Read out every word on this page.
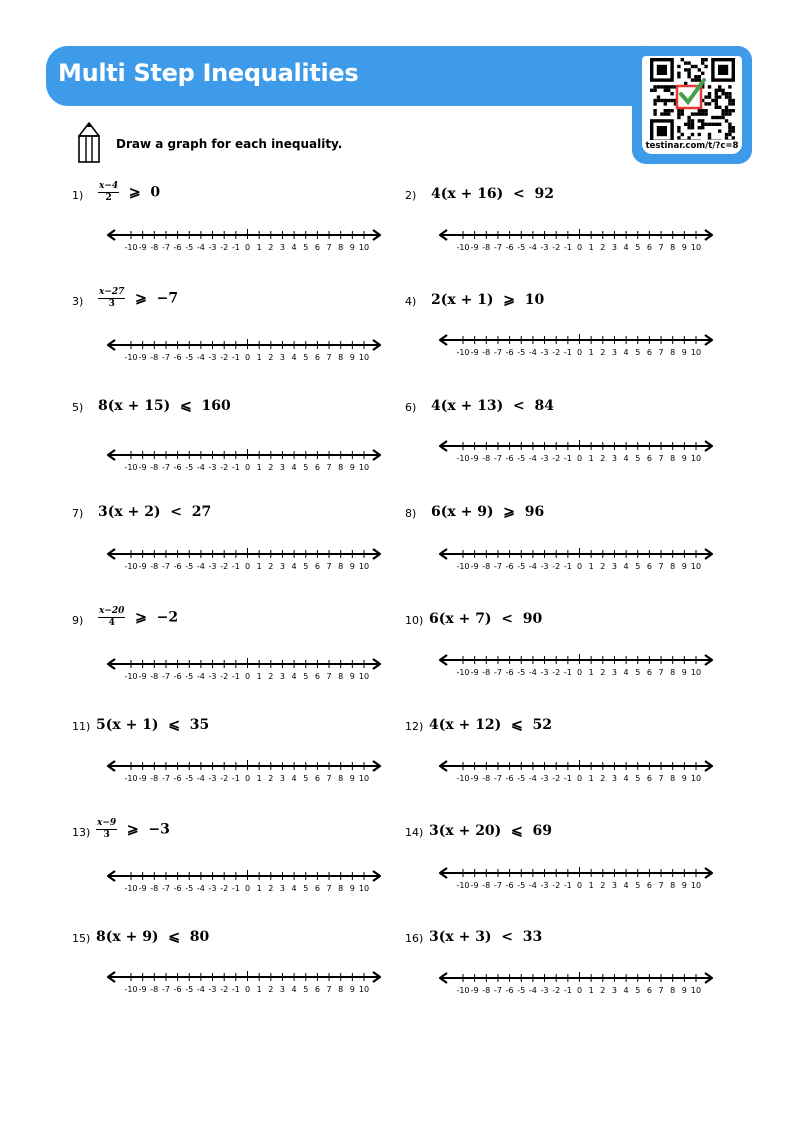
Multi Step Inequalities
testinar.com/t/?c=8
Draw a graph for each inequality.
$1) \frac{x-4}{2}$ ⩾  0
-10 -9 -8 -7 -6 -5 -4 -3 -2 -1 0 1 2 3 4 5 6 7 8 9 10
2) 4(x + 16)  <  92
-10 -9 -8 -7 -6 -5 -4 -3 -2 -1 0 1 2 3 4 5 6 7 8 9 10
$3) \frac{x-27}{3}$ ⩾  −7
-10 -9 -8 -7 -6 -5 -4 -3 -2 -1 0 1 2 3 4 5 6 7 8 9 10
4) 2(x + 1)  ⩾  10
-10 -9 -8 -7 -6 -5 -4 -3 -2 -1 0 1 2 3 4 5 6 7 8 9 10
5) 8(x + 15)  ⩽  160
-10 -9 -8 -7 -6 -5 -4 -3 -2 -1 0 1 2 3 4 5 6 7 8 9 10
6) 4(x + 13)  <  84
-10 -9 -8 -7 -6 -5 -4 -3 -2 -1 0 1 2 3 4 5 6 7 8 9 10
7) 3(x + 2)  <  27
-10 -9 -8 -7 -6 -5 -4 -3 -2 -1 0 1 2 3 4 5 6 7 8 9 10
8) 6(x + 9)  ⩾  96
-10 -9 -8 -7 -6 -5 -4 -3 -2 -1 0 1 2 3 4 5 6 7 8 9 10
$9) \frac{x-20}{4}$ ⩾  −2
-10 -9 -8 -7 -6 -5 -4 -3 -2 -1 0 1 2 3 4 5 6 7 8 9 10
10) 6(x + 7)  <  90
-10 -9 -8 -7 -6 -5 -4 -3 -2 -1 0 1 2 3 4 5 6 7 8 9 10
11) 5(x + 1)  ⩽  35
-10 -9 -8 -7 -6 -5 -4 -3 -2 -1 0 1 2 3 4 5 6 7 8 9 10
12) 4(x + 12)  ⩽  52
-10 -9 -8 -7 -6 -5 -4 -3 -2 -1 0 1 2 3 4 5 6 7 8 9 10
$13) \frac{x-9}{3}$ ⩾  −3
-10 -9 -8 -7 -6 -5 -4 -3 -2 -1 0 1 2 3 4 5 6 7 8 9 10
14) 3(x + 20)  ⩽  69
-10 -9 -8 -7 -6 -5 -4 -3 -2 -1 0 1 2 3 4 5 6 7 8 9 10
15) 8(x + 9)  ⩽  80
-10 -9 -8 -7 -6 -5 -4 -3 -2 -1 0 1 2 3 4 5 6 7 8 9 10
16) 3(x + 3)  <  33
-10 -9 -8 -7 -6 -5 -4 -3 -2 -1 0 1 2 3 4 5 6 7 8 9 10
